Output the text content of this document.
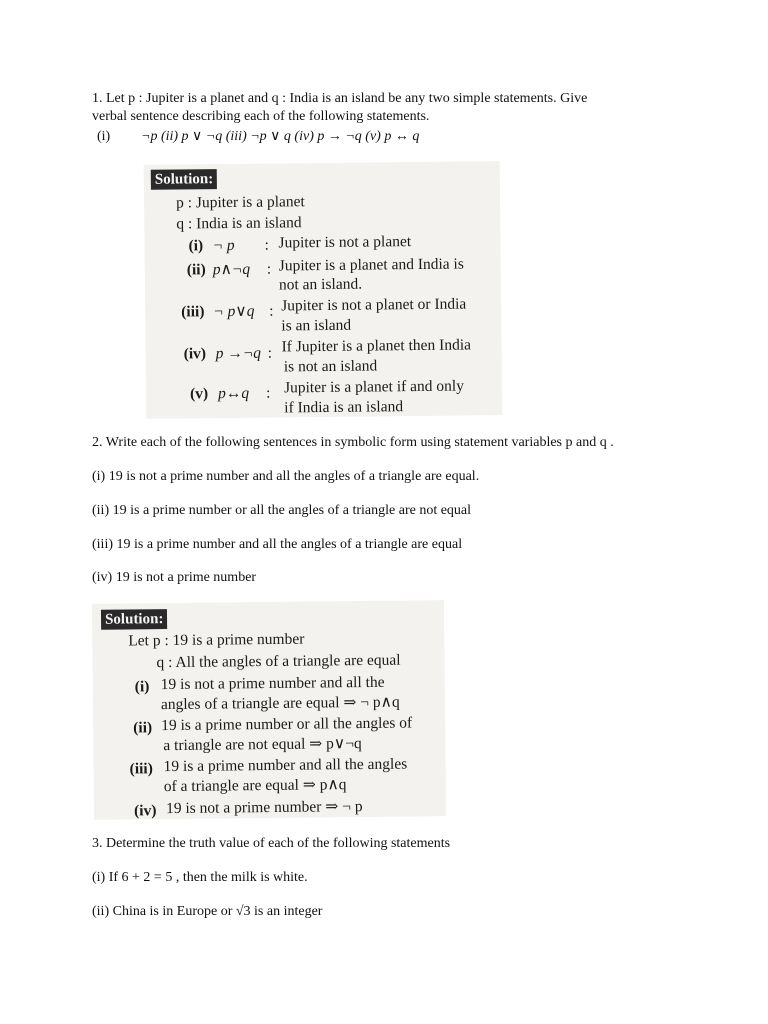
1. Let p : Jupiter is a planet and q : India is an island be any two simple statements. Give
verbal sentence describing each of the following statements.
(i) ¬p (ii) p ∨ ¬q (iii) ¬p ∨ q (iv) p → ¬q (v) p ↔ q
Solution:
p : Jupiter is a planet
q : India is an island
(i) ¬ p : Jupiter is not a planet
(ii) p∧¬q : Jupiter is a planet and India is
not an island.
(iii) ¬ p∨q : Jupiter is not a planet or India
is an island
(iv) p →¬q : If Jupiter is a planet then India
is not an island
(v) p↔q : Jupiter is a planet if and only
if India is an island
2. Write each of the following sentences in symbolic form using statement variables p and q .
(i) 19 is not a prime number and all the angles of a triangle are equal.
(ii) 19 is a prime number or all the angles of a triangle are not equal
(iii) 19 is a prime number and all the angles of a triangle are equal
(iv) 19 is not a prime number
Solution:
Let p : 19 is a prime number
q : All the angles of a triangle are equal
(i) 19 is not a prime number and all the
angles of a triangle are equal ⇒ ¬ p∧q
(ii) 19 is a prime number or all the angles of
a triangle are not equal ⇒ p∨¬q
(iii) 19 is a prime number and all the angles
of a triangle are equal ⇒ p∧q
(iv) 19 is not a prime number ⇒ ¬ p
3. Determine the truth value of each of the following statements
(i) If 6 + 2 = 5 , then the milk is white.
(ii) China is in Europe or √3 is an integer
